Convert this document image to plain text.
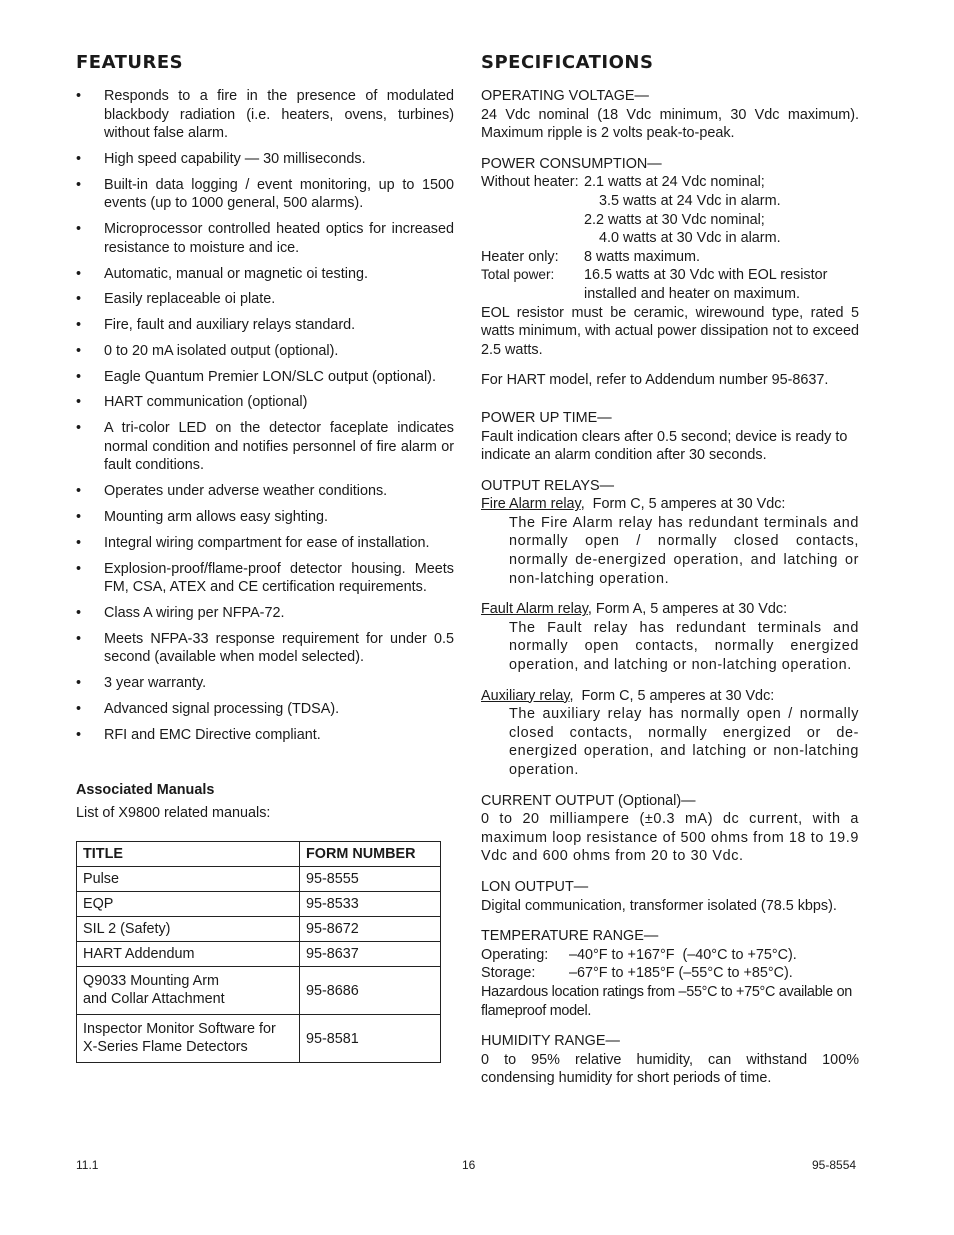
FEATURES
• Responds to a fire in the presence of modulated blackbody radiation (i.e. heaters, ovens, turbines) without false alarm.
• High speed capability — 30 milliseconds.
• Built-in data logging / event monitoring, up to 1500 events (up to 1000 general, 500 alarms).
• Microprocessor controlled heated optics for increased resistance to moisture and ice.
• Automatic, manual or magnetic oi testing.
• Easily replaceable oi plate.
• Fire, fault and auxiliary relays standard.
• 0 to 20 mA isolated output (optional).
• Eagle Quantum Premier LON/SLC output (optional).
• HART communication (optional)
• A tri-color LED on the detector faceplate indicates normal condition and notifies personnel of fire alarm or fault conditions.
• Operates under adverse weather conditions.
• Mounting arm allows easy sighting.
• Integral wiring compartment for ease of installation.
• Explosion-proof/flame-proof detector housing. Meets FM, CSA, ATEX and CE certification requirements.
• Class A wiring per NFPA-72.
• Meets NFPA-33 response requirement for under 0.5 second (available when model selected).
• 3 year warranty.
• Advanced signal processing (TDSA).
• RFI and EMC Directive compliant.
Associated Manuals
List of X9800 related manuals:
TITLE	FORM NUMBER
Pulse	95-8555
EQP	95-8533
SIL 2 (Safety)	95-8672
HART Addendum	95-8637
Q9033 Mounting Arm
and Collar Attachment	95-8686
Inspector Monitor Software for
X-Series Flame Detectors	95-8581
SPECIFICATIONS
OPERATING VOLTAGE—
24 Vdc nominal (18 Vdc minimum, 30 Vdc maximum). Maximum ripple is 2 volts peak-to-peak.
POWER CONSUMPTION—
Without heater: 2.1 watts at 24 Vdc nominal;
3.5 watts at 24 Vdc in alarm.
2.2 watts at 30 Vdc nominal;
4.0 watts at 30 Vdc in alarm.
Heater only:	8 watts maximum.
Total power:	16.5 watts at 30 Vdc with EOL resistor installed and heater on maximum.
EOL resistor must be ceramic, wirewound type, rated 5 watts minimum, with actual power dissipation not to exceed 2.5 watts.
For HART model, refer to Addendum number 95-8637.
POWER UP TIME—
Fault indication clears after 0.5 second; device is ready to indicate an alarm condition after 30 seconds.
OUTPUT RELAYS—
Fire Alarm relay,  Form C, 5 amperes at 30 Vdc:
The Fire Alarm relay has redundant terminals and normally open / normally closed contacts, normally de-energized operation, and latching or non-latching operation.
Fault Alarm relay, Form A, 5 amperes at 30 Vdc:
The Fault relay has redundant terminals and normally open contacts, normally energized operation, and latching or non-latching operation.
Auxiliary relay,  Form C, 5 amperes at 30 Vdc:
The auxiliary relay has normally open / normally closed contacts, normally energized or de-energized operation, and latching or non-latching operation.
CURRENT OUTPUT (Optional)—
0 to 20 milliampere (±0.3 mA) dc current, with a maximum loop resistance of 500 ohms from 18 to 19.9 Vdc and 600 ohms from 20 to 30 Vdc.
LON OUTPUT—
Digital communication, transformer isolated (78.5 kbps).
TEMPERATURE RANGE—
Operating:	–40°F to +167°F  (–40°C to +75°C).
Storage:	–67°F to +185°F (–55°C to +85°C).
Hazardous location ratings from –55°C to +75°C available on flameproof model.
HUMIDITY RANGE—
0 to 95% relative humidity, can withstand 100% condensing humidity for short periods of time.
11.1	16	95-8554
